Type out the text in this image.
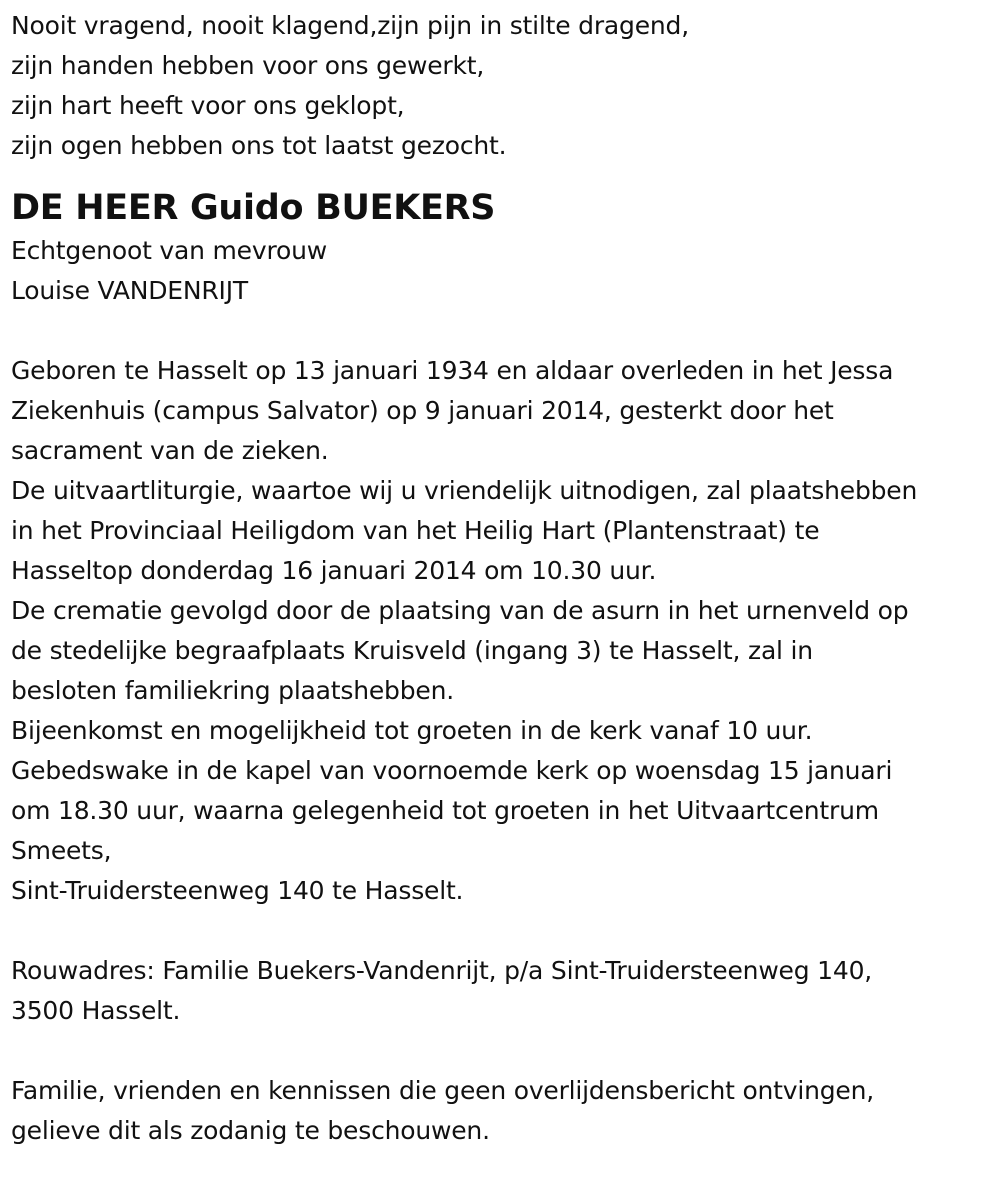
Nooit vragend, nooit klagend,zijn pijn in stilte dragend,
zijn handen hebben voor ons gewerkt,
zijn hart heeft voor ons geklopt,
zijn ogen hebben ons tot laatst gezocht.
DE HEER Guido BUEKERS
Echtgenoot van mevrouw
Louise VANDENRIJT
Geboren te Hasselt op 13 januari 1934 en aldaar overleden in het Jessa
Ziekenhuis (campus Salvator) op 9 januari 2014, gesterkt door het
sacrament van de zieken.
De uitvaartliturgie, waartoe wij u vriendelijk uitnodigen, zal plaatshebben
in het Provinciaal Heiligdom van het Heilig Hart (Plantenstraat) te
Hasseltop donderdag 16 januari 2014 om 10.30 uur.
De crematie gevolgd door de plaatsing van de asurn in het urnenveld op
de stedelijke begraafplaats Kruisveld (ingang 3) te Hasselt, zal in
besloten familiekring plaatshebben.
Bijeenkomst en mogelijkheid tot groeten in de kerk vanaf 10 uur.
Gebedswake in de kapel van voornoemde kerk op woensdag 15 januari
om 18.30 uur, waarna gelegenheid tot groeten in het Uitvaartcentrum
Smeets,
Sint-Truidersteenweg 140 te Hasselt.
Rouwadres: Familie Buekers-Vandenrijt, p/a Sint-Truidersteenweg 140,
3500 Hasselt.
Familie, vrienden en kennissen die geen overlijdensbericht ontvingen,
gelieve dit als zodanig te beschouwen.
